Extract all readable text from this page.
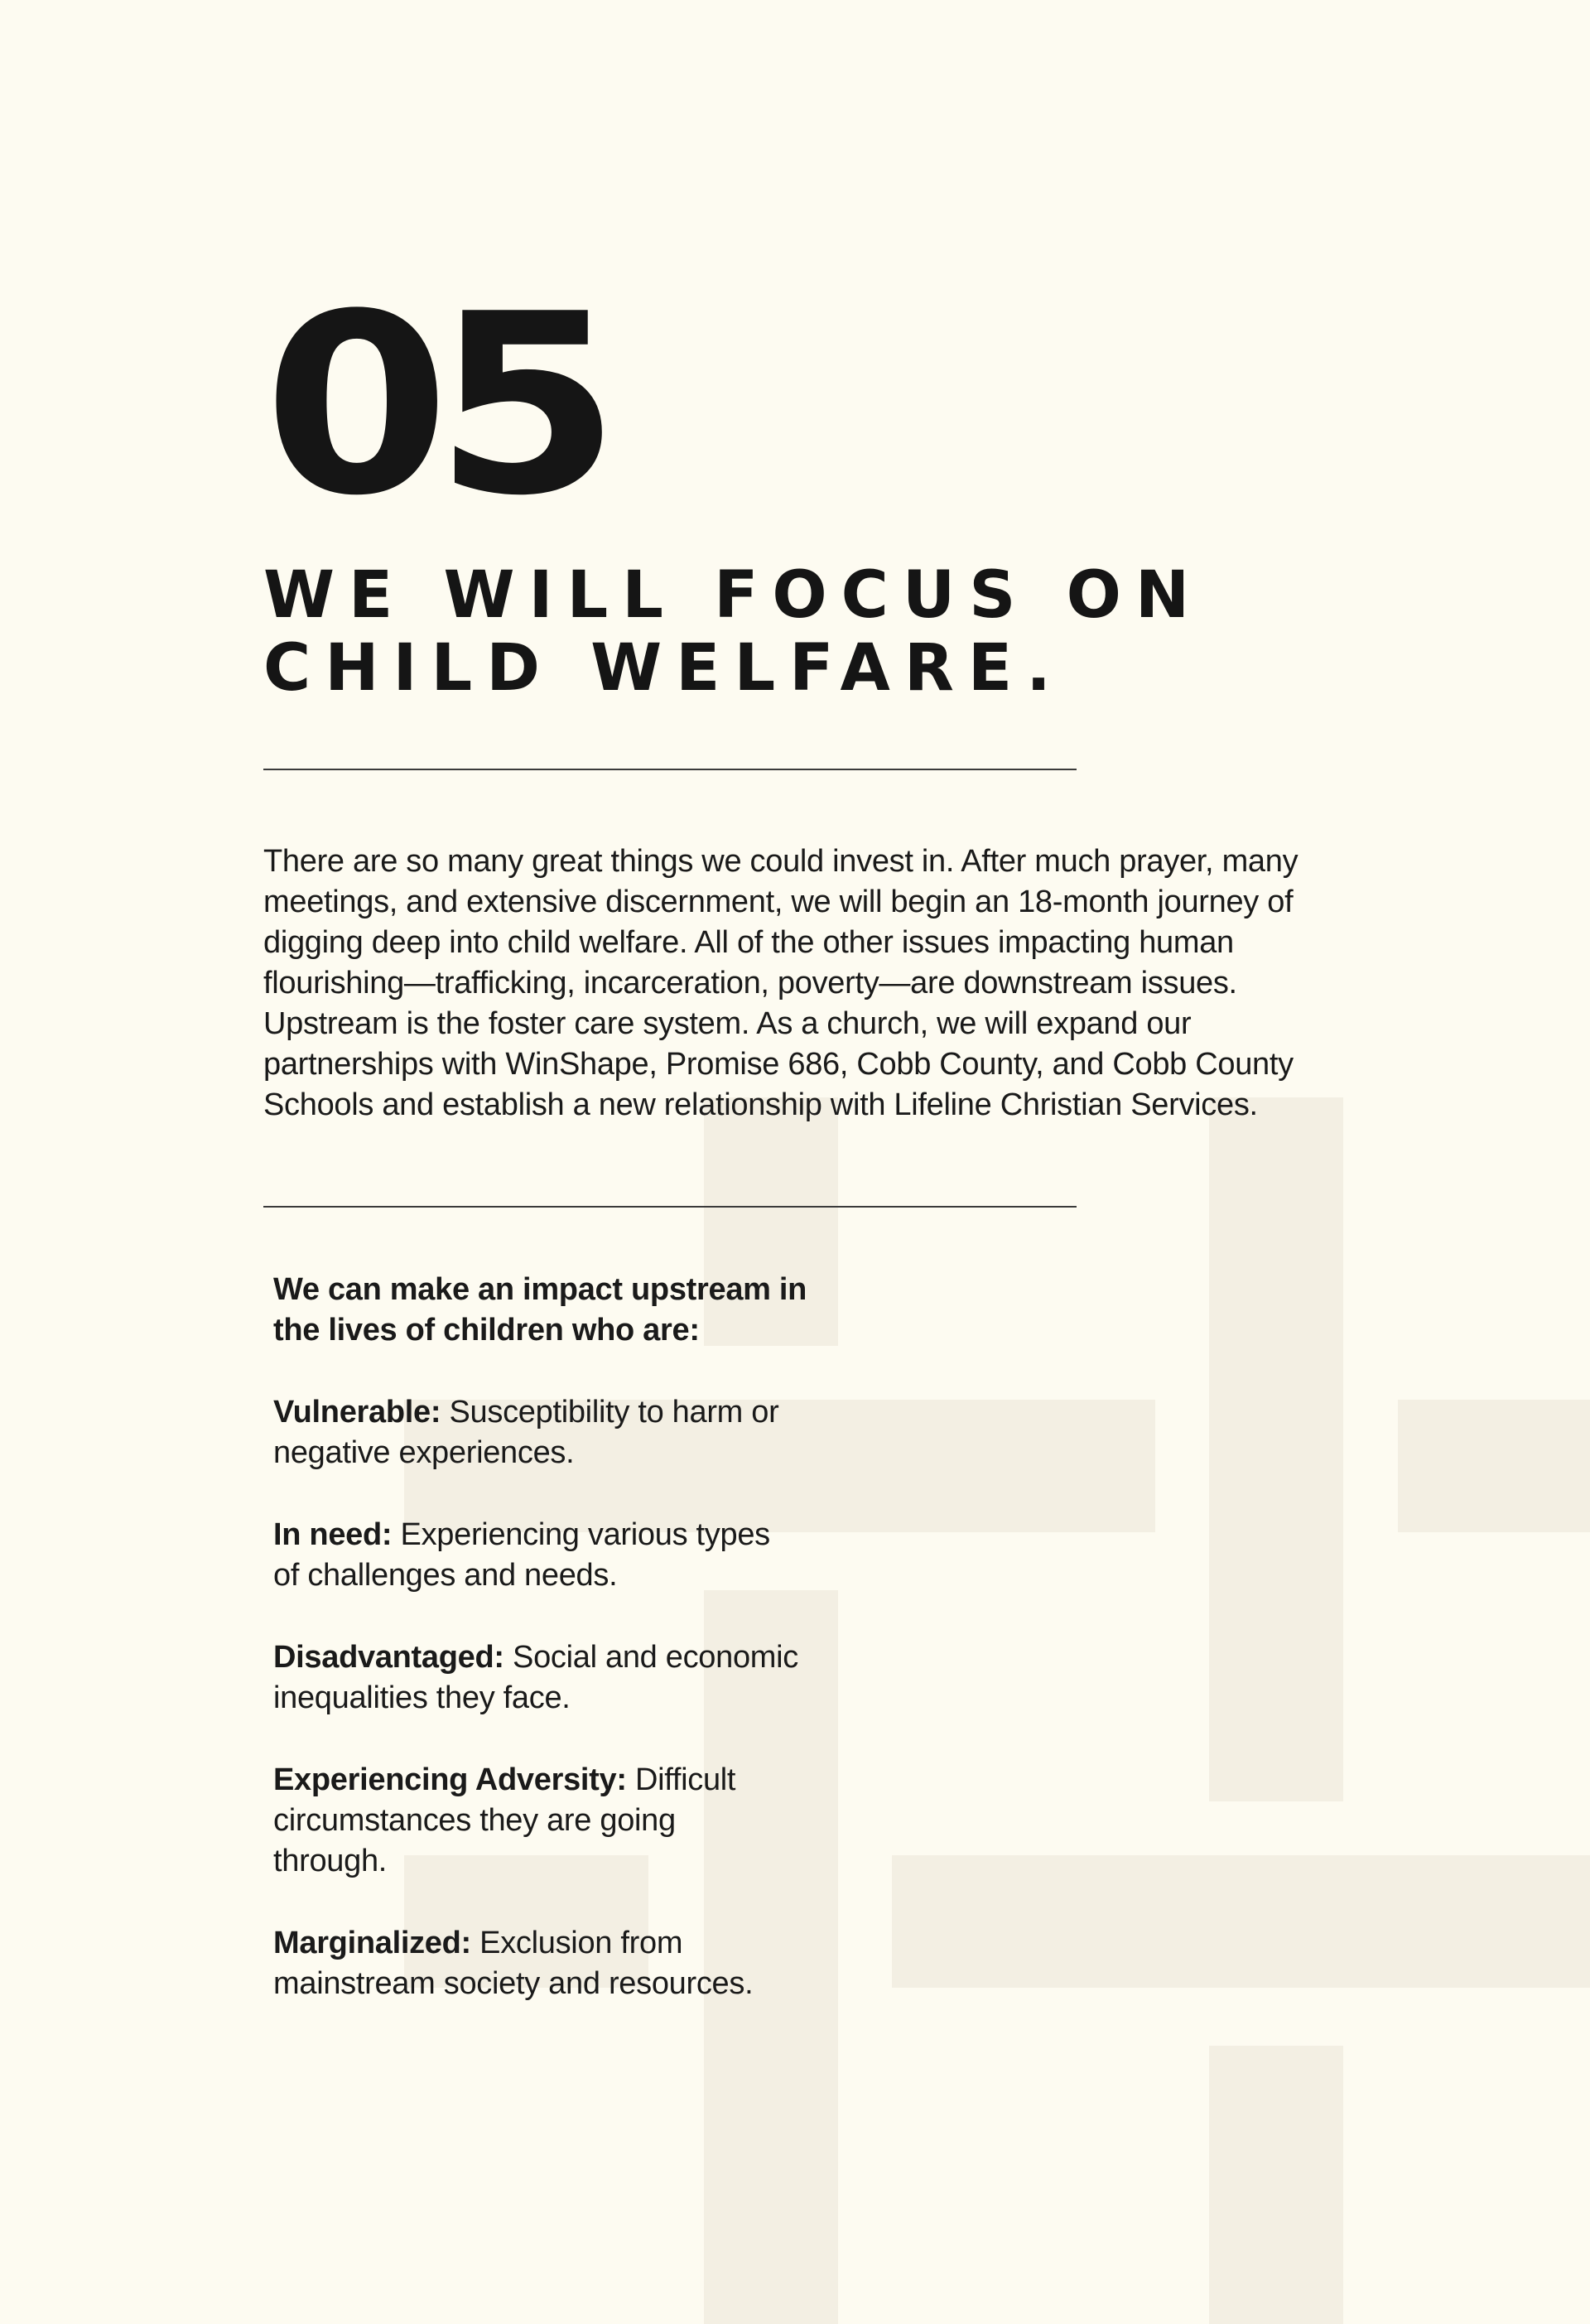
05
WE WILL FOCUS ON
CHILD WELFARE.

There are so many great things we could invest in. After much prayer, many meetings, and extensive discernment, we will begin an 18-month journey of digging deep into child welfare. All of the other issues impacting human flourishing—trafficking, incarceration, poverty—are downstream issues. Upstream is the foster care system. As a church, we will expand our partnerships with WinShape, Promise 686, Cobb County, and Cobb County Schools and establish a new relationship with Lifeline Christian Services.

We can make an impact upstream in the lives of children who are:

Vulnerable: Susceptibility to harm or negative experiences.

In need: Experiencing various types of challenges and needs.

Disadvantaged: Social and economic inequalities they face.

Experiencing Adversity: Difficult circumstances they are going through.

Marginalized: Exclusion from mainstream society and resources.
